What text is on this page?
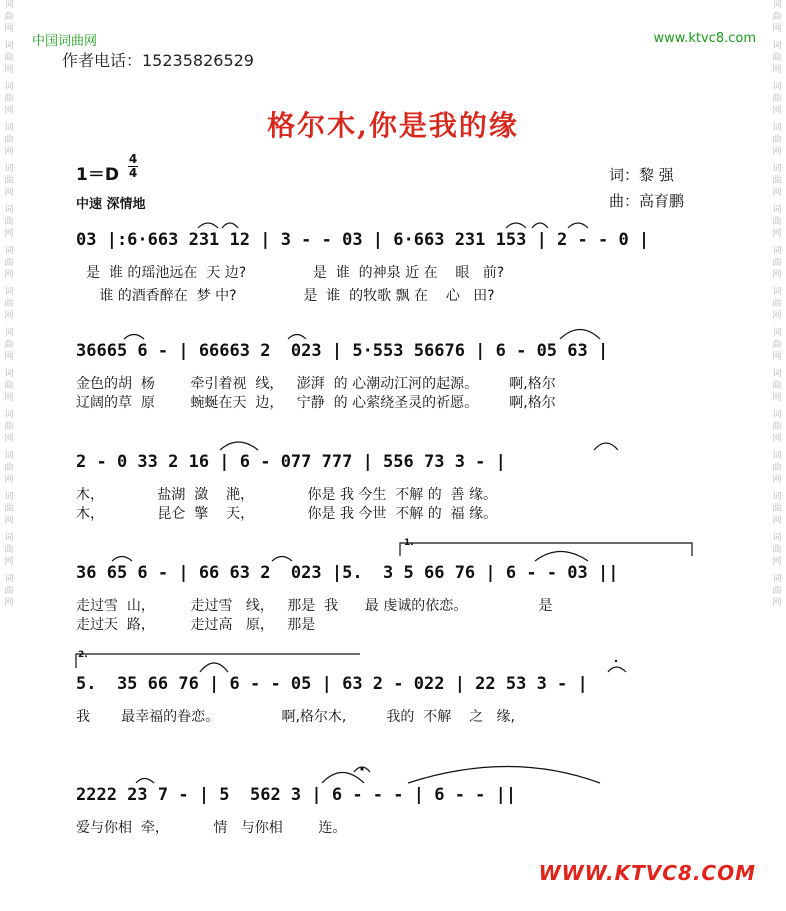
词
曲
网
词
曲
网
词
曲
网
词
曲
网
词
曲
网
词
曲
网
词
曲
网
词
曲
网
词
曲
网
词
曲
网
词
曲
网
词
曲
网
词
曲
网
词
曲
网
词
曲
网
词
曲
网
词
曲
网
词
曲
网
词
曲
网
词
曲
网
词
曲
网
词
曲
网
词
曲
网
词
曲
网
词
曲
网
词
曲
网
词
曲
网
词
曲
网
词
曲
网
词
曲
网
中国词曲网	www.ktvc8.com
作者电话：15235826529
格尔木,你是我的缘
1＝D
4
4
中速 深情地
词：黎 强
曲：高育鹏
03 |:6·663 231 12 | 3 - - 03 | 6·663 231 153 | 2 - - 0 |
是  谁 的瑶池远在  天 边?               是  谁  的神泉 近 在    眼   前?
谁 的酒香醉在  梦 中?               是  谁  的牧歌 飘 在    心   田?
36665 6 - | 66663 2  023 | 5·553 56676 | 6 - 05 63 |
金色的胡  杨        牵引着视  线，   澎湃  的 心潮动江河的起源。       啊,格尔
辽阔的草  原        蜿蜒在天  边，   宁静  的 心萦绕圣灵的祈愿。       啊,格尔
2 - 0 33 2 16 | 6 - 077 777 | 556 73 3 - |
木，            盐湖  潋    滟，            你是 我 今生  不解 的  善 缘。
木，            昆仑  擎    天，            你是 我 今世  不解 的  福 缘。
1.
36 65 6 - | 66 63 2  023 |5.  3 5 66 76 | 6 - - 03 ||
走过雪  山，        走过雪   线，   那是  我      最 虔诚的依恋。                是
走过天  路，        走过高   原，   那是
2.
5.  35 66 76 | 6 - - 05 | 63 2 - 022 | 22 53 3 - |
我       最幸福的眷恋。              啊,格尔木,         我的  不解    之   缘,
2222 23 7 - | 5  562 3 | 6 - - - | 6 - - ||
爱与你相  牵，          情   与你相        连。
WWW.KTVC8.COM
